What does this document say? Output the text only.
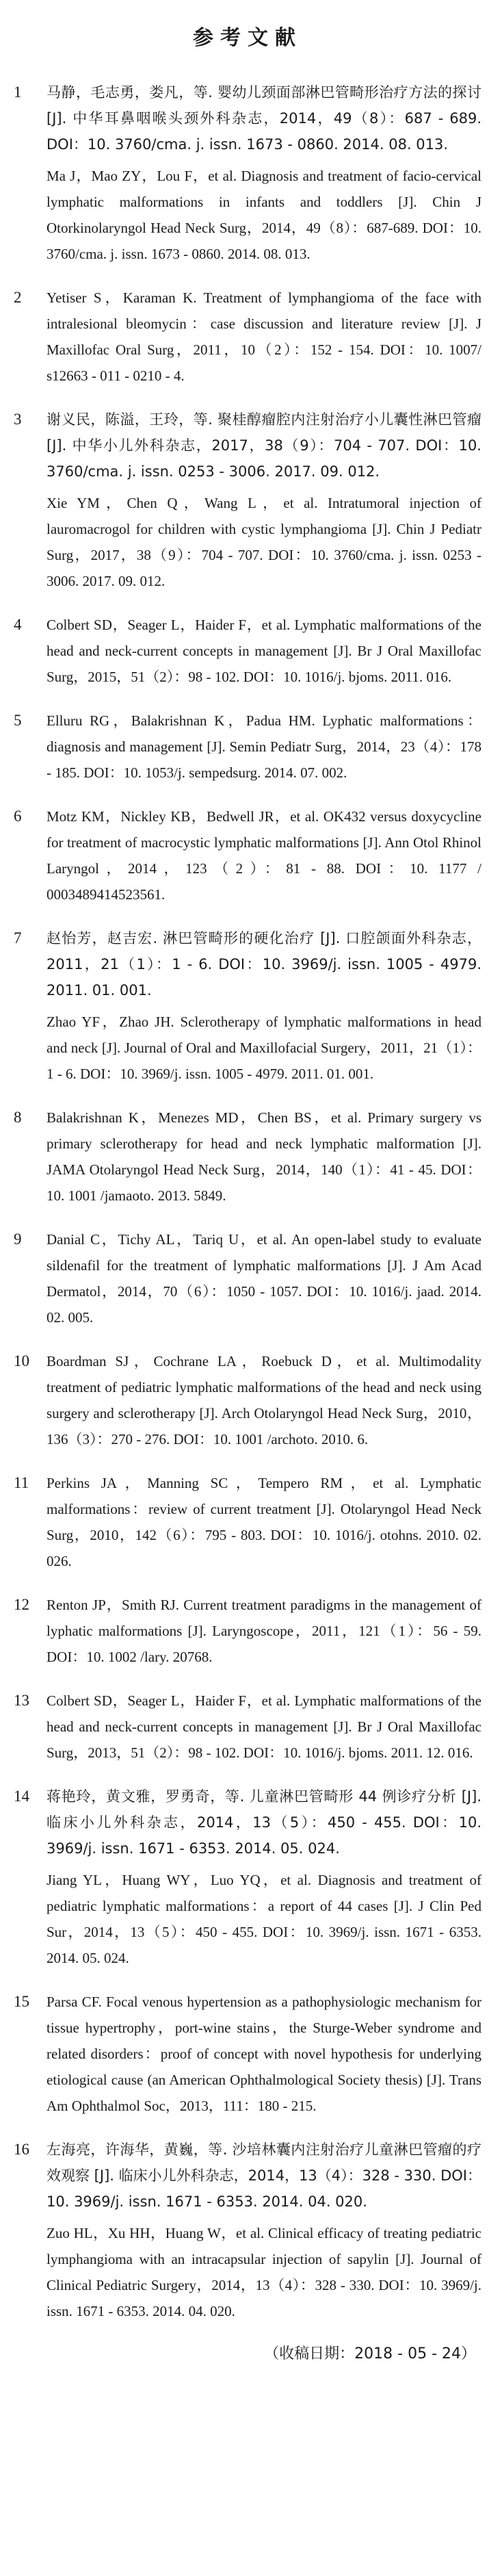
参考文献
1	马静，毛志勇，娄凡，等. 婴幼儿颈面部淋巴管畸形治疗方法的探讨 [J]. 中华耳鼻咽喉头颈外科杂志，2014，49（8）：687 - 689. DOI：10. 3760/cma. j. issn. 1673 - 0860. 2014. 08. 013.

Ma J，Mao ZY，Lou F，et al. Diagnosis and treatment of facio-cervical lymphatic malformations in infants and toddlers [J]. Chin J Otorkinolaryngol Head Neck Surg，2014，49（8）：687-689. DOI：10. 3760/cma. j. issn. 1673 - 0860. 2014. 08. 013.

2	Yetiser S，Karaman K. Treatment of lymphangioma of the face with intralesional bleomycin：case discussion and literature review [J]. J Maxillofac Oral Surg，2011，10（2）：152 - 154. DOI：10. 1007/ s12663 - 011 - 0210 - 4.

3	谢义民，陈溢，王玲，等. 聚桂醇瘤腔内注射治疗小儿囊性淋巴管瘤 [J]. 中华小儿外科杂志，2017，38（9）：704 - 707. DOI：10. 3760/cma. j. issn. 0253 - 3006. 2017. 09. 012.

Xie YM，Chen Q，Wang L，et al. Intratumoral injection of lauromacrogol for children with cystic lymphangioma [J]. Chin J Pediatr Surg，2017，38（9）：704 - 707. DOI：10. 3760/cma. j. issn. 0253 - 3006. 2017. 09. 012.

4	Colbert SD，Seager L，Haider F，et al. Lymphatic malformations of the head and neck-current concepts in management [J]. Br J Oral Maxillofac Surg，2015，51（2）：98 - 102. DOI：10. 1016/j. bjoms. 2011. 016.

5	Elluru RG，Balakrishnan K，Padua HM. Lyphatic malformations：diagnosis and management [J]. Semin Pediatr Surg，2014，23（4）：178 - 185. DOI：10. 1053/j. sempedsurg. 2014. 07. 002.

6	Motz KM，Nickley KB，Bedwell JR，et al. OK432 versus doxycycline for treatment of macrocystic lymphatic malformations [J]. Ann Otol Rhinol Laryngol，2014，123（2）：81 - 88. DOI：10. 1177 / 0003489414523561.

7	赵怡芳，赵吉宏. 淋巴管畸形的硬化治疗 [J]. 口腔颌面外科杂志，2011，21（1）：1 - 6. DOI：10. 3969/j. issn. 1005 - 4979. 2011. 01. 001.

Zhao YF，Zhao JH. Sclerotherapy of lymphatic malformations in head and neck [J]. Journal of Oral and Maxillofacial Surgery，2011，21（1）：1 - 6. DOI：10. 3969/j. issn. 1005 - 4979. 2011. 01. 001.

8	Balakrishnan K，Menezes MD，Chen BS，et al. Primary surgery vs primary sclerotherapy for head and neck lymphatic malformation [J]. JAMA Otolaryngol Head Neck Surg，2014，140（1）：41 - 45. DOI：10. 1001 /jamaoto. 2013. 5849.

9	Danial C，Tichy AL，Tariq U，et al. An open-label study to evaluate sildenafil for the treatment of lymphatic malformations [J]. J Am Acad Dermatol，2014，70（6）：1050 - 1057. DOI：10. 1016/j. jaad. 2014. 02. 005.

10	Boardman SJ，Cochrane LA，Roebuck D，et al. Multimodality treatment of pediatric lymphatic malformations of the head and neck using surgery and sclerotherapy [J]. Arch Otolaryngol Head Neck Surg，2010，136（3）：270 - 276. DOI：10. 1001 /archoto. 2010. 6.

11	Perkins JA，Manning SC，Tempero RM，et al. Lymphatic malformations：review of current treatment [J]. Otolaryngol Head Neck Surg，2010，142（6）：795 - 803. DOI：10. 1016/j. otohns. 2010. 02. 026.

12	Renton JP，Smith RJ. Current treatment paradigms in the management of lyphatic malformations [J]. Laryngoscope，2011，121（1）：56 - 59. DOI：10. 1002 /lary. 20768.

13	Colbert SD，Seager L，Haider F，et al. Lymphatic malformations of the head and neck-current concepts in management [J]. Br J Oral Maxillofac Surg，2013，51（2）：98 - 102. DOI：10. 1016/j. bjoms. 2011. 12. 016.

14	蒋艳玲，黄文雅，罗勇奇，等. 儿童淋巴管畸形 44 例诊疗分析 [J]. 临床小儿外科杂志，2014，13（5）：450 - 455. DOI：10. 3969/j. issn. 1671 - 6353. 2014. 05. 024.

Jiang YL，Huang WY，Luo YQ，et al. Diagnosis and treatment of pediatric lymphatic malformations：a report of 44 cases [J]. J Clin Ped Sur，2014，13（5）：450 - 455. DOI：10. 3969/j. issn. 1671 - 6353. 2014. 05. 024.

15	Parsa CF. Focal venous hypertension as a pathophysiologic mechanism for tissue hypertrophy，port-wine stains，the Sturge-Weber syndrome and related disorders：proof of concept with novel hypothesis for underlying etiological cause (an American Ophthalmological Society thesis) [J]. Trans Am Ophthalmol Soc，2013，111：180 - 215.

16	左海亮，许海华，黄巍，等. 沙培林囊内注射治疗儿童淋巴管瘤的疗效观察 [J]. 临床小儿外科杂志，2014，13（4）：328 - 330. DOI：10. 3969/j. issn. 1671 - 6353. 2014. 04. 020.

Zuo HL，Xu HH，Huang W，et al. Clinical efficacy of treating pediatric lymphangioma with an intracapsular injection of sapylin [J]. Journal of Clinical Pediatric Surgery，2014，13（4）：328 - 330. DOI：10. 3969/j. issn. 1671 - 6353. 2014. 04. 020.

（收稿日期：2018 - 05 - 24）
